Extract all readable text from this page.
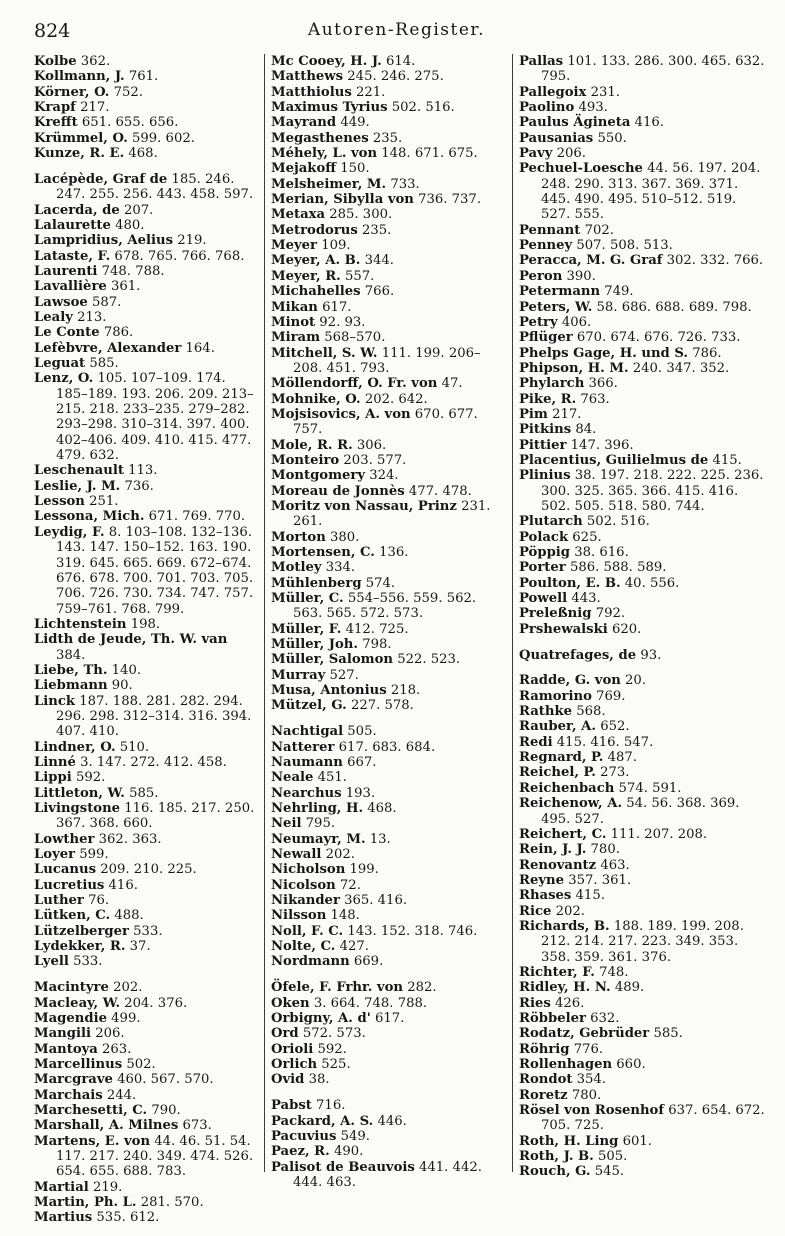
824	Autoren-Register.
Kolbe 362.
Kollmann, J. 761.
Körner, O. 752.
Krapf 217.
Krefft 651. 655. 656.
Krümmel, O. 599. 602.
Kunze, R. E. 468.
Lacépède, Graf de 185. 246. 247. 255. 256. 443. 458. 597.
Lacerda, de 207.
Lalaurette 480.
Lampridius, Aelius 219.
Lataste, F. 678. 765. 766. 768.
Laurenti 748. 788.
Lavallière 361.
Lawsoe 587.
Lealy 213.
Le Conte 786.
Lefèbvre, Alexander 164.
Leguat 585.
Lenz, O. 105. 107–109. 174. 185–189. 193. 206. 209. 213–215. 218. 233–235. 279–282. 293–298. 310–314. 397. 400. 402–406. 409. 410. 415. 477. 479. 632.
Leschenault 113.
Leslie, J. M. 736.
Lesson 251.
Lessona, Mich. 671. 769. 770.
Leydig, F. 8. 103–108. 132–136. 143. 147. 150–152. 163. 190. 319. 645. 665. 669. 672–674. 676. 678. 700. 701. 703. 705. 706. 726. 730. 734. 747. 757. 759–761. 768. 799.
Lichtenstein 198.
Lidth de Jeude, Th. W. van 384.
Liebe, Th. 140.
Liebmann 90.
Linck 187. 188. 281. 282. 294. 296. 298. 312–314. 316. 394. 407. 410.
Lindner, O. 510.
Linné 3. 147. 272. 412. 458.
Lippi 592.
Littleton, W. 585.
Livingstone 116. 185. 217. 250. 367. 368. 660.
Lowther 362. 363.
Loyer 599.
Lucanus 209. 210. 225.
Lucretius 416.
Luther 76.
Lütken, C. 488.
Lützelberger 533.
Lydekker, R. 37.
Lyell 533.
Macintyre 202.
Macleay, W. 204. 376.
Magendie 499.
Mangili 206.
Mantoya 263.
Marcellinus 502.
Marcgrave 460. 567. 570.
Marchais 244.
Marchesetti, C. 790.
Marshall, A. Milnes 673.
Martens, E. von 44. 46. 51. 54. 117. 217. 240. 349. 474. 526. 654. 655. 688. 783.
Martial 219.
Martin, Ph. L. 281. 570.
Martius 535. 612.
Mc Cooey, H. J. 614.
Matthews 245. 246. 275.
Matthiolus 221.
Maximus Tyrius 502. 516.
Mayrand 449.
Megasthenes 235.
Méhely, L. von 148. 671. 675.
Mejakoff 150.
Melsheimer, M. 733.
Merian, Sibylla von 736. 737.
Metaxa 285. 300.
Metrodorus 235.
Meyer 109.
Meyer, A. B. 344.
Meyer, R. 557.
Michahelles 766.
Mikan 617.
Minot 92. 93.
Miram 568–570.
Mitchell, S. W. 111. 199. 206–208. 451. 793.
Möllendorff, O. Fr. von 47.
Mohnike, O. 202. 642.
Mojsisovics, A. von 670. 677. 757.
Mole, R. R. 306.
Monteiro 203. 577.
Montgomery 324.
Moreau de Jonnès 477. 478.
Moritz von Nassau, Prinz 231. 261.
Morton 380.
Mortensen, C. 136.
Motley 334.
Mühlenberg 574.
Müller, C. 554–556. 559. 562. 563. 565. 572. 573.
Müller, F. 412. 725.
Müller, Joh. 798.
Müller, Salomon 522. 523.
Murray 527.
Musa, Antonius 218.
Mützel, G. 227. 578.
Nachtigal 505.
Natterer 617. 683. 684.
Naumann 667.
Neale 451.
Nearchus 193.
Nehrling, H. 468.
Neil 795.
Neumayr, M. 13.
Newall 202.
Nicholson 199.
Nicolson 72.
Nikander 365. 416.
Nilsson 148.
Noll, F. C. 143. 152. 318. 746.
Nolte, C. 427.
Nordmann 669.
Öfele, F. Frhr. von 282.
Oken 3. 664. 748. 788.
Orbigny, A. d' 617.
Ord 572. 573.
Orioli 592.
Orlich 525.
Ovid 38.
Pabst 716.
Packard, A. S. 446.
Pacuvius 549.
Paez, R. 490.
Palisot de Beauvois 441. 442. 444. 463.
Pallas 101. 133. 286. 300. 465. 632. 795.
Pallegoix 231.
Paolino 493.
Paulus Ägineta 416.
Pausanias 550.
Pavy 206.
Pechuel-Loesche 44. 56. 197. 204. 248. 290. 313. 367. 369. 371. 445. 490. 495. 510–512. 519. 527. 555.
Pennant 702.
Penney 507. 508. 513.
Peracca, M. G. Graf 302. 332. 766.
Peron 390.
Petermann 749.
Peters, W. 58. 686. 688. 689. 798.
Petry 406.
Pflüger 670. 674. 676. 726. 733.
Phelps Gage, H. und S. 786.
Phipson, H. M. 240. 347. 352.
Phylarch 366.
Pike, R. 763.
Pim 217.
Pitkins 84.
Pittier 147. 396.
Placentius, Guilielmus de 415.
Plinius 38. 197. 218. 222. 225. 236. 300. 325. 365. 366. 415. 416. 502. 505. 518. 580. 744.
Plutarch 502. 516.
Polack 625.
Pöppig 38. 616.
Porter 586. 588. 589.
Poulton, E. B. 40. 556.
Powell 443.
Preleßnig 792.
Prshewalski 620.
Quatrefages, de 93.
Radde, G. von 20.
Ramorino 769.
Rathke 568.
Rauber, A. 652.
Redi 415. 416. 547.
Regnard, P. 487.
Reichel, P. 273.
Reichenbach 574. 591.
Reichenow, A. 54. 56. 368. 369. 495. 527.
Reichert, C. 111. 207. 208.
Rein, J. J. 780.
Renovantz 463.
Reyne 357. 361.
Rhases 415.
Rice 202.
Richards, B. 188. 189. 199. 208. 212. 214. 217. 223. 349. 353. 358. 359. 361. 376.
Richter, F. 748.
Ridley, H. N. 489.
Ries 426.
Röbbeler 632.
Rodatz, Gebrüder 585.
Röhrig 776.
Rollenhagen 660.
Rondot 354.
Roretz 780.
Rösel von Rosenhof 637. 654. 672. 705. 725.
Roth, H. Ling 601.
Roth, J. B. 505.
Rouch, G. 545.
